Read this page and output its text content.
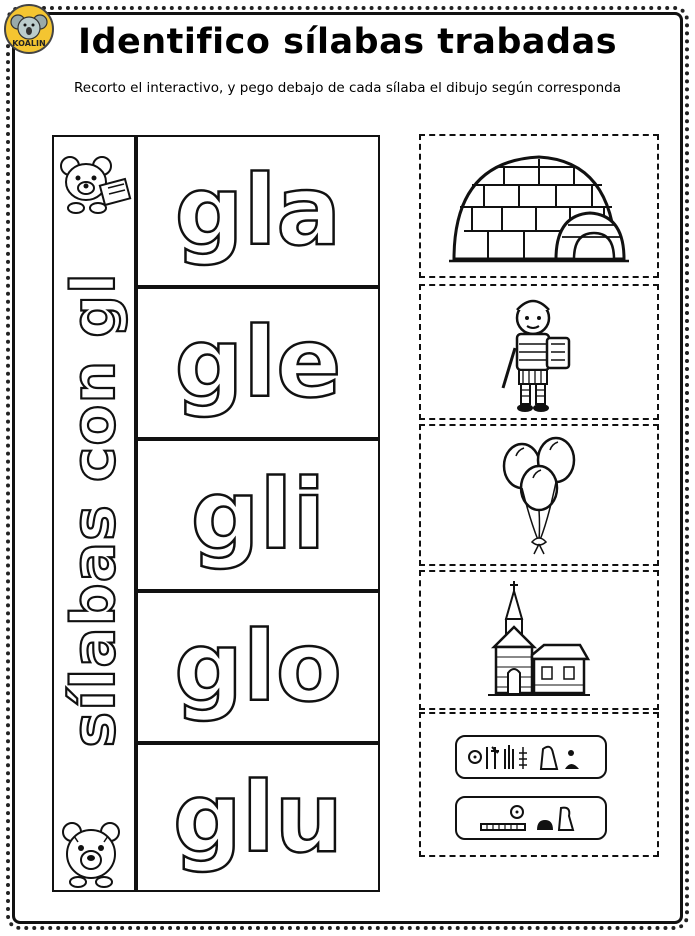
KOALIN Identifico sílabas trabadas
Recorto el interactivo, y pego debajo de cada sílaba el dibujo según corresponda
sílabas con gl
gla
gle
gli
glo
glu
